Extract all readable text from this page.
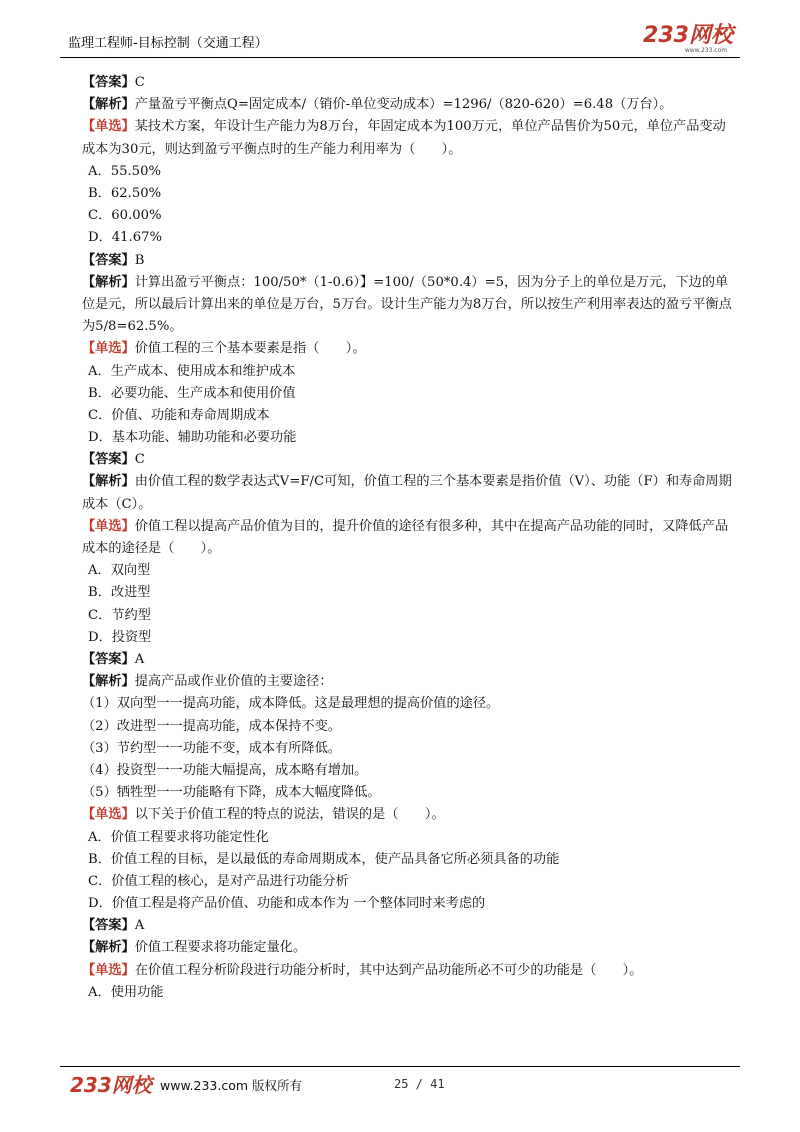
监理工程师-目标控制（交通工程）	233网校
www.233.com
【答案】C
【解析】产量盈亏平衡点Q=固定成本/（销价-单位变动成本）=1296/（820-620）=6.48（万台）。
【单选】某技术方案，年设计生产能力为8万台，年固定成本为100万元，单位产品售价为50元，单位产品变动成本为30元，则达到盈亏平衡点时的生产能力利用率为（　　）。
A．55.50%
B．62.50%
C．60.00%
D．41.67%
【答案】B
【解析】计算出盈亏平衡点：100/50*（1-0.6）】=100/（50*0.4）=5，因为分子上的单位是万元，下边的单位是元，所以最后计算出来的单位是万台，5万台。设计生产能力为8万台，所以按生产利用率表达的盈亏平衡点为5/8=62.5%。
【单选】价值工程的三个基本要素是指（　　）。
A．生产成本、使用成本和维护成本
B．必要功能、生产成本和使用价值
C．价值、功能和寿命周期成本
D．基本功能、辅助功能和必要功能
【答案】C
【解析】由价值工程的数学表达式V=F/C可知，价值工程的三个基本要素是指价值（V）、功能（F）和寿命周期成本（C）。
【单选】价值工程以提高产品价值为目的，提升价值的途径有很多种，其中在提高产品功能的同时，又降低产品成本的途径是（　　）。
A．双向型
B．改进型
C．节约型
D．投资型
【答案】A
【解析】提高产品或作业价值的主要途径：
（1）双向型一一提高功能，成本降低。这是最理想的提高价值的途径。
（2）改进型一一提高功能，成本保持不变。
（3）节约型一一功能不变，成本有所降低。
（4）投资型一一功能大幅提高，成本略有增加。
（5）牺牲型一一功能略有下降，成本大幅度降低。
【单选】以下关于价值工程的特点的说法，错误的是（　　）。
A．价值工程要求将功能定性化
B．价值工程的目标，是以最低的寿命周期成本，使产品具备它所必须具备的功能
C．价值工程的核心，是对产品进行功能分析
D．价值工程是将产品价值、功能和成本作为 一个整体同时来考虑的
【答案】A
【解析】价值工程要求将功能定量化。
【单选】在价值工程分析阶段进行功能分析时，其中达到产品功能所必不可少的功能是（　　）。
A．使用功能
233网校 www.233.com 版权所有	25 / 41
